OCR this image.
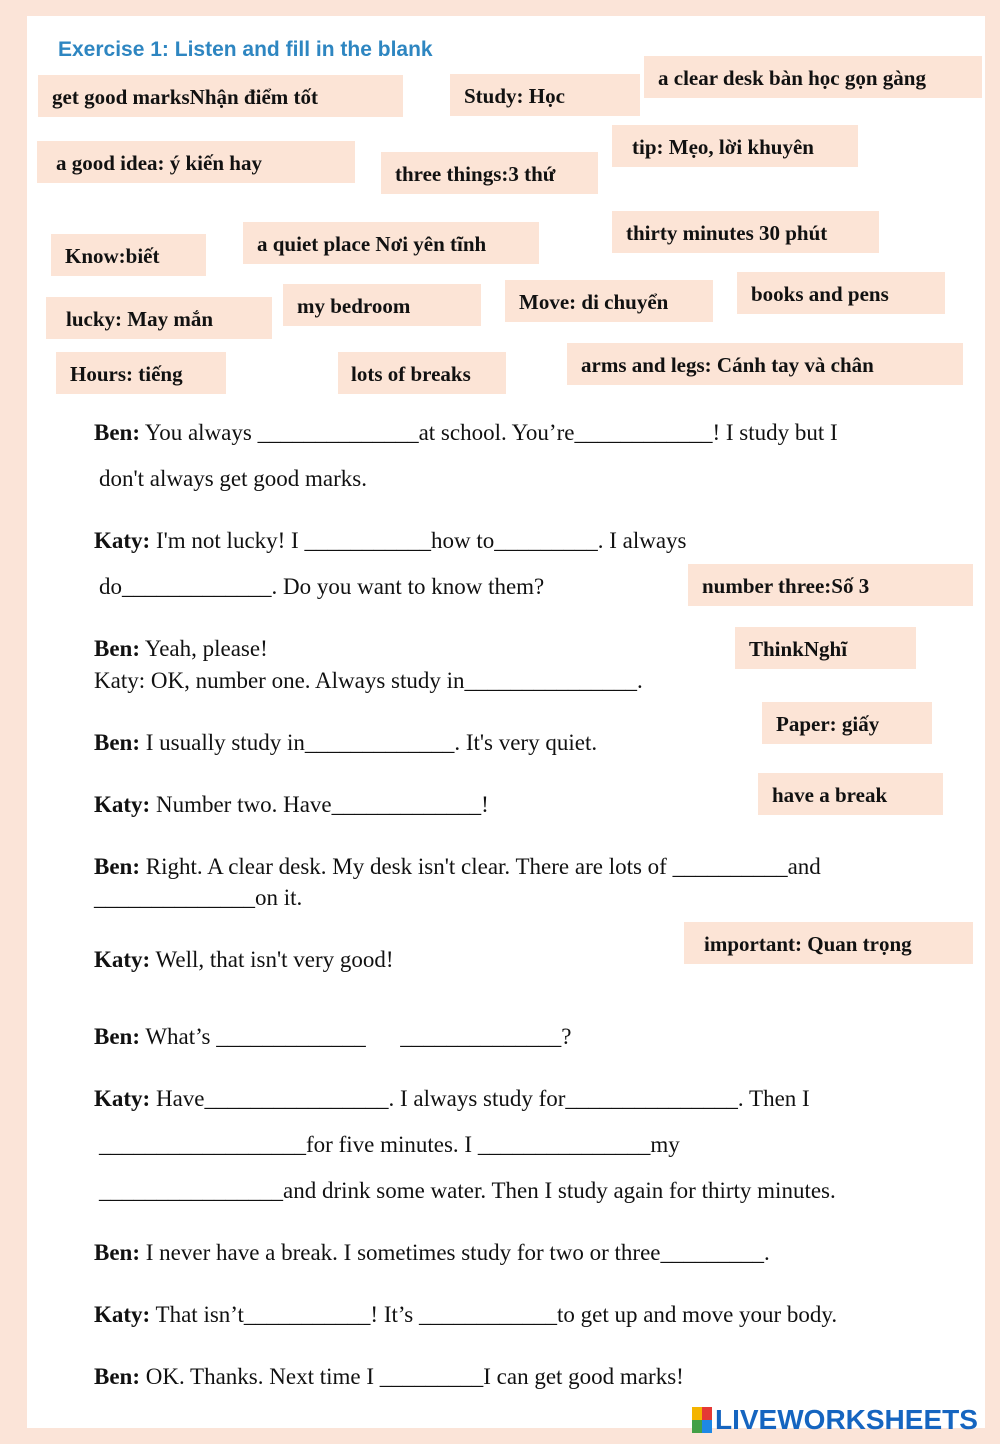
Exercise 1: Listen and fill in the blank
get good marksNhận điểm tốt	Study: Học
a clear desk bàn học gọn gàng
a good idea: ý kiến hay	three things:3 thứ
tip: Mẹo, lời khuyên
Know:biết	a quiet place Nơi yên tĩnh	thirty minutes 30 phút
lucky: May mắn
my bedroom	Move: di chuyển	books and pens
Hours: tiếng	lots of breaks	arms and legs: Cánh tay và chân
number three:Số 3
ThinkNghĩ
Paper: giấy
have a break
important: Quan trọng
Ben: You always ______________at school. You’re____________! I study but I
don't always get good marks.
Katy: I'm not lucky! I ___________how to_________. I always
do_____________. Do you want to know them?
Ben: Yeah, please!
Katy: OK, number one. Always study in_______________.
Ben: I usually study in_____________. It's very quiet.
Katy: Number two. Have_____________!
Ben: Right. A clear desk. My desk isn't clear. There are lots of __________and
______________on it.
Katy: Well, that isn't very good!
Ben: What’s _____________      ______________?
Katy: Have________________. I always study for_______________. Then I
__________________for five minutes. I _______________my
________________and drink some water. Then I study again for thirty minutes.
Ben: I never have a break. I sometimes study for two or three_________.
Katy: That isn’t___________! It’s ____________to get up and move your body.
Ben: OK. Thanks. Next time I _________I can get good marks!
LIVEWORKSHEETS
